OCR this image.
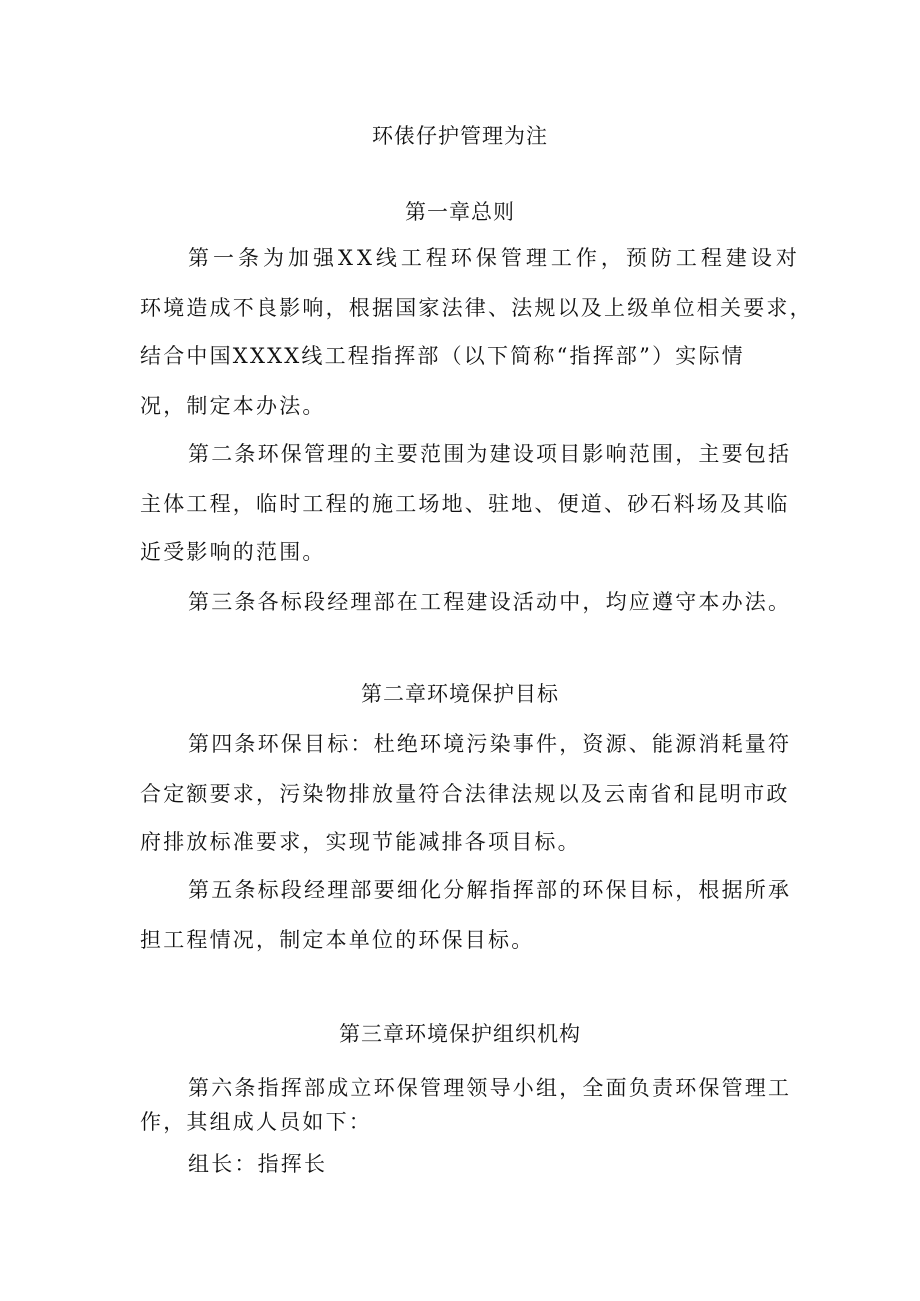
环俵仔护管理为注
第一章总则
第一条为加强XX线工程环保管理工作，预防工程建设对
环境造成不良影响，根据国家法律、法规以及上级单位相关要求，
结合中国XXXX线工程指挥部（以下简称“指挥部”）实际情
况，制定本办法。
第二条环保管理的主要范围为建设项目影响范围，主要包括
主体工程，临时工程的施工场地、驻地、便道、砂石料场及其临
近受影响的范围。
第三条各标段经理部在工程建设活动中，均应遵守本办法。
第二章环境保护目标
第四条环保目标：杜绝环境污染事件，资源、能源消耗量符
合定额要求，污染物排放量符合法律法规以及云南省和昆明市政
府排放标准要求，实现节能减排各项目标。
第五条标段经理部要细化分解指挥部的环保目标，根据所承
担工程情况，制定本单位的环保目标。
第三章环境保护组织机构
第六条指挥部成立环保管理领导小组，全面负责环保管理工
作，其组成人员如下：
组长：指挥长
